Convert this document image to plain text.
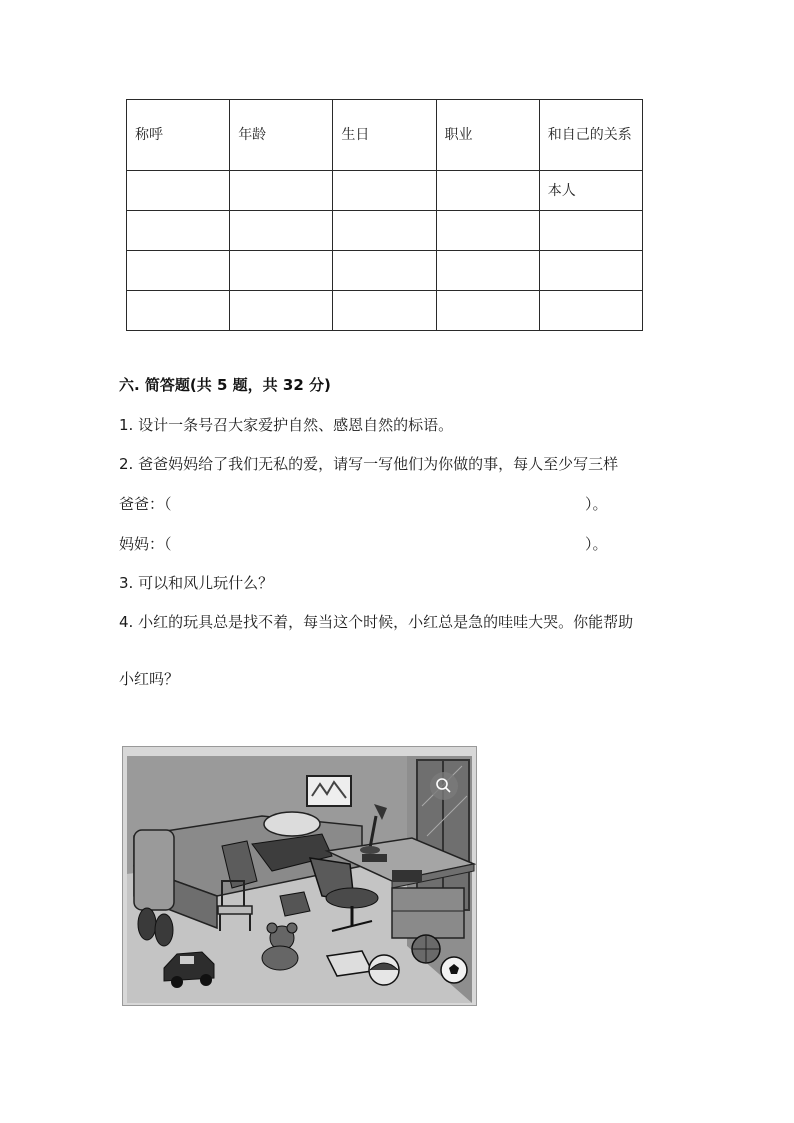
称呼	年龄	生日	职业	和自己的关系
				本人

六. 简答题(共 5 题，共 32 分)
1. 设计一条号召大家爱护自然、感恩自然的标语。
2. 爸爸妈妈给了我们无私的爱，请写一写他们为你做的事，每人至少写三样
爸爸：（	）。
妈妈：（	）。
3. 可以和风儿玩什么？
4. 小红的玩具总是找不着，每当这个时候，小红总是急的哇哇大哭。你能帮助
小红吗？
